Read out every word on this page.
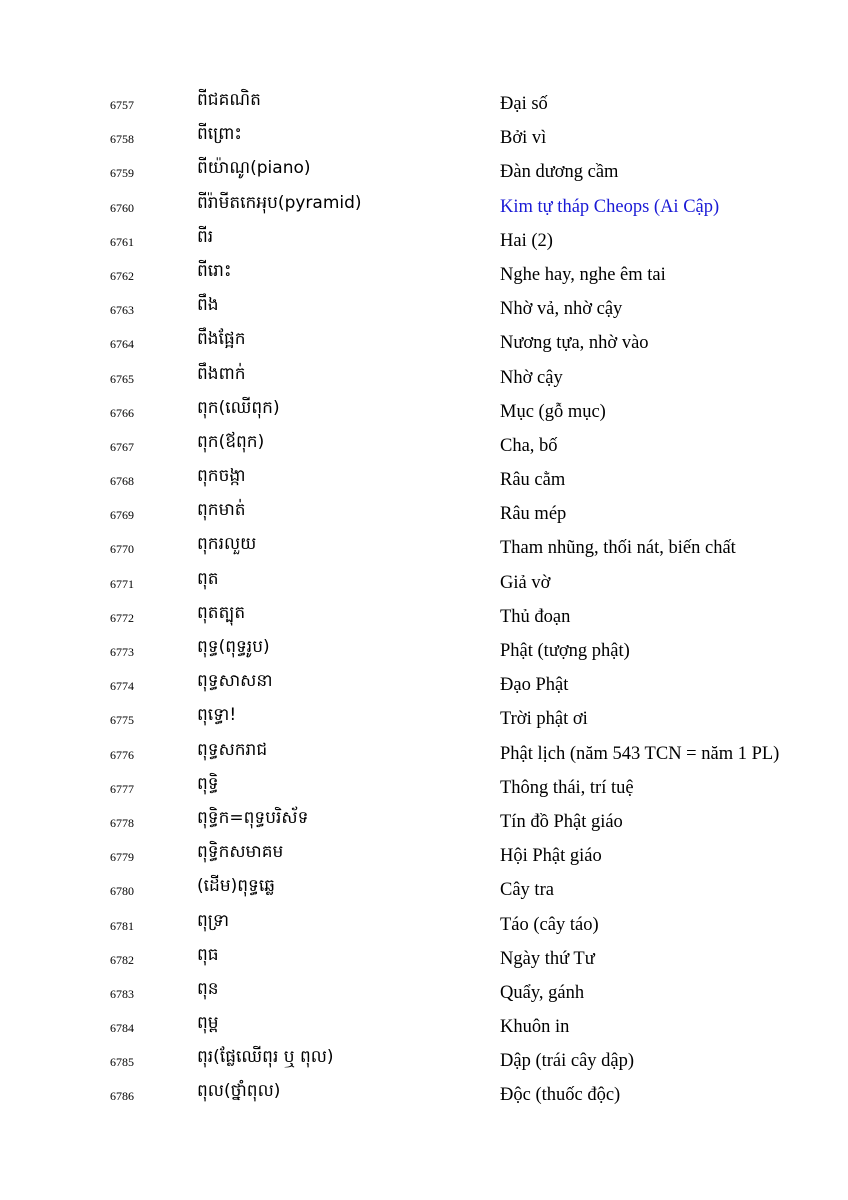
6757	ពីជគណិត	Đại số
6758	ពីព្រោះ	Bởi vì
6759	ពីយ៉ាណូ(piano)	Đàn dương cầm
6760	ពីរ៉ាមីតកេអុប(pyramid)	Kim tự tháp Cheops (Ai Cập)
6761	ពីរ	Hai (2)
6762	ពីរោះ	Nghe hay, nghe êm tai
6763	ពឹង	Nhờ vả, nhờ cậy
6764	ពឹងផ្អែក	Nương tựa, nhờ vào
6765	ពឹងពាក់	Nhờ cậy
6766	ពុក(ឈើពុក)	Mục (gỗ mục)
6767	ពុក(ឪពុក)	Cha, bố
6768	ពុកចង្កា	Râu cằm
6769	ពុកមាត់	Râu mép
6770	ពុករលួយ	Tham nhũng, thối nát, biến chất
6771	ពុត	Giả vờ
6772	ពុតត្បុត	Thủ đoạn
6773	ពុទ្ធ(ពុទ្ធរូប)	Phật (tượng phật)
6774	ពុទ្ធសាសនា	Đạo Phật
6775	ពុទ្ធោ!	Trời phật ơi
6776	ពុទ្ធសករាជ	Phật lịch (năm 543 TCN = năm 1 PL)
6777	ពុទ្ធិ	Thông thái, trí tuệ
6778	ពុទ្ធិក=ពុទ្ធបរិស័ទ	Tín đồ Phật giáo
6779	ពុទ្ធិកសមាគម	Hội Phật giáo
6780	(ដើម)ពុទ្ធឆ្លេ	Cây tra
6781	ពុទ្រា	Táo (cây táo)
6782	ពុធ	Ngày thứ Tư
6783	ពុន	Quẩy, gánh
6784	ពុម្ព	Khuôn in
6785	ពុរ(ផ្លែឈើពុរ ឬ ពុល)	Dập (trái cây dập)
6786	ពុល(ថ្នាំពុល)	Độc (thuốc độc)
